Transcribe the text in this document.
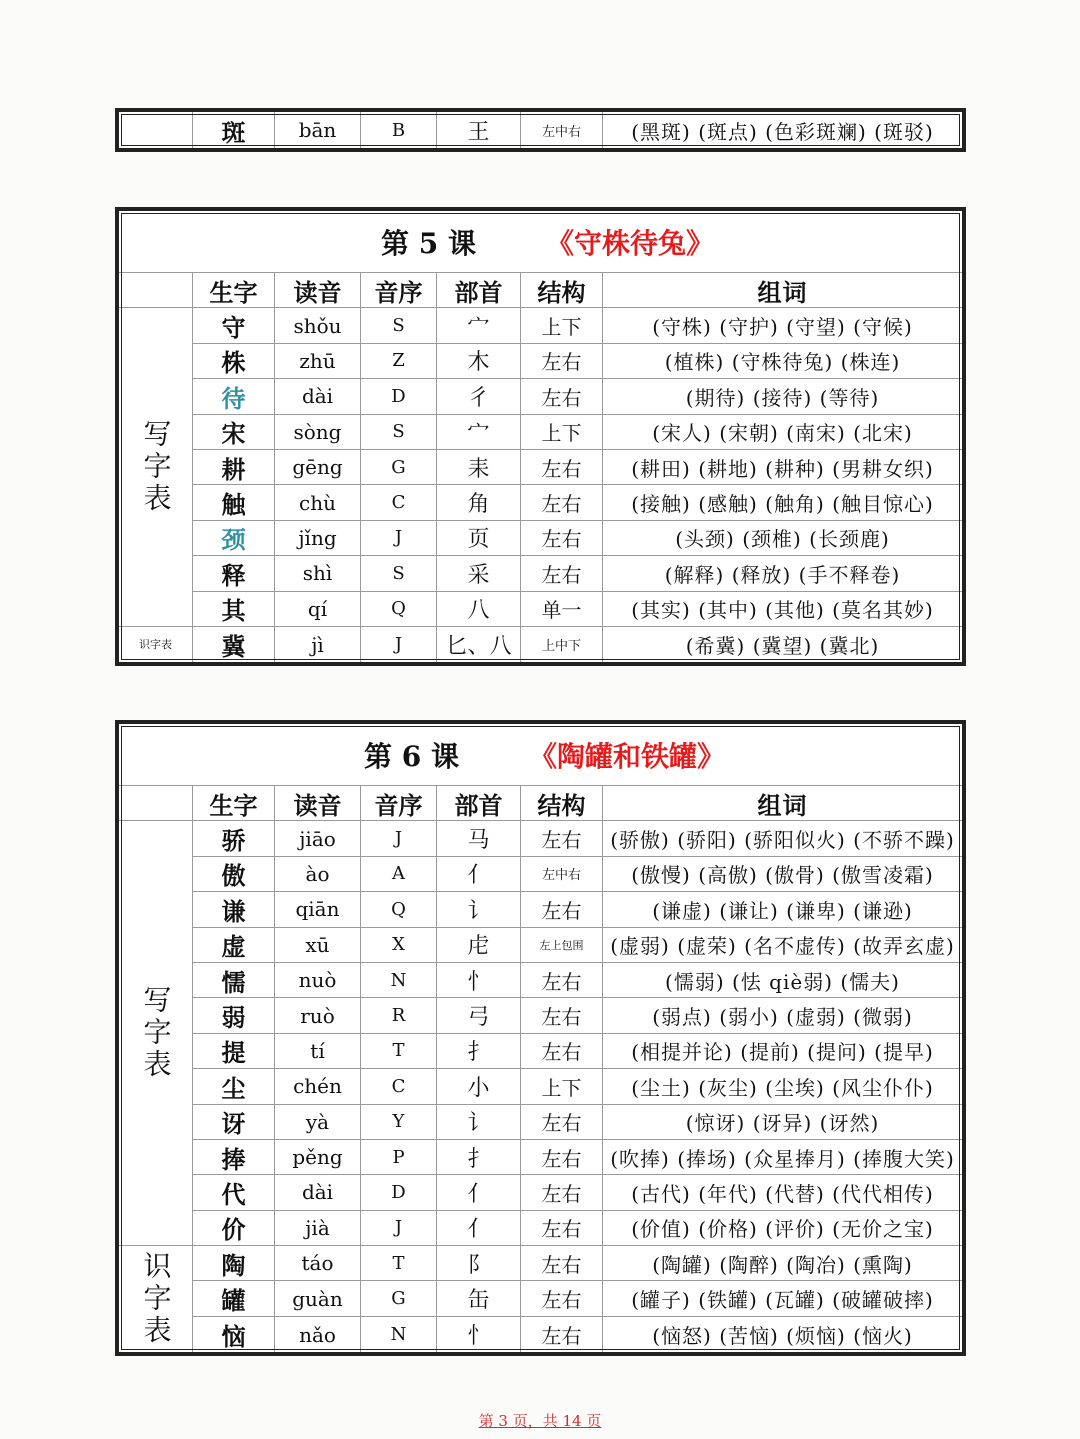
斑	bān	B	王	左中右	(黑斑) (斑点) (色彩斑斓) (斑驳)
第 5 课	《守株待兔》
生字	读音	音序	部首	结构	组词
写字表
识字表
守	shǒu	S	宀	上下	(守株) (守护) (守望) (守候)
株	zhū	Z	木	左右	(植株) (守株待兔) (株连)
待	dài	D	彳	左右	(期待) (接待) (等待)
宋	sòng	S	宀	上下	(宋人) (宋朝) (南宋) (北宋)
耕	gēng	G	耒	左右	(耕田) (耕地) (耕种) (男耕女织)
触	chù	C	角	左右	(接触) (感触) (触角) (触目惊心)
颈	jǐng	J	页	左右	(头颈) (颈椎) (长颈鹿)
释	shì	S	采	左右	(解释) (释放) (手不释卷)
其	qí	Q	八	单一	(其实) (其中) (其他) (莫名其妙)
冀	jì	J	匕、八	上中下	(希冀) (冀望) (冀北)
第 6 课	《陶罐和铁罐》
生字	读音	音序	部首	结构	组词
写字表
识字表
骄	jiāo	J	马	左右	(骄傲) (骄阳) (骄阳似火) (不骄不躁)
傲	ào	A	亻	左中右	(傲慢) (高傲) (傲骨) (傲雪凌霜)
谦	qiān	Q	讠	左右	(谦虚) (谦让) (谦卑) (谦逊)
虚	xū	X	虍	左上包围	(虚弱) (虚荣) (名不虚传) (故弄玄虚)
懦	nuò	N	忄	左右	(懦弱) (怯 qiè弱) (懦夫)
弱	ruò	R	弓	左右	(弱点) (弱小) (虚弱) (微弱)
提	tí	T	扌	左右	(相提并论) (提前) (提问) (提早)
尘	chén	C	小	上下	(尘土) (灰尘) (尘埃) (风尘仆仆)
讶	yà	Y	讠	左右	(惊讶) (讶异) (讶然)
捧	pěng	P	扌	左右	(吹捧) (捧场) (众星捧月) (捧腹大笑)
代	dài	D	亻	左右	(古代) (年代) (代替) (代代相传)
价	jià	J	亻	左右	(价值) (价格) (评价) (无价之宝)
陶	táo	T	阝	左右	(陶罐) (陶醉) (陶冶) (熏陶)
罐	guàn	G	缶	左右	(罐子) (铁罐) (瓦罐) (破罐破摔)
恼	nǎo	N	忄	左右	(恼怒) (苦恼) (烦恼) (恼火)
第 3 页，共 14 页
